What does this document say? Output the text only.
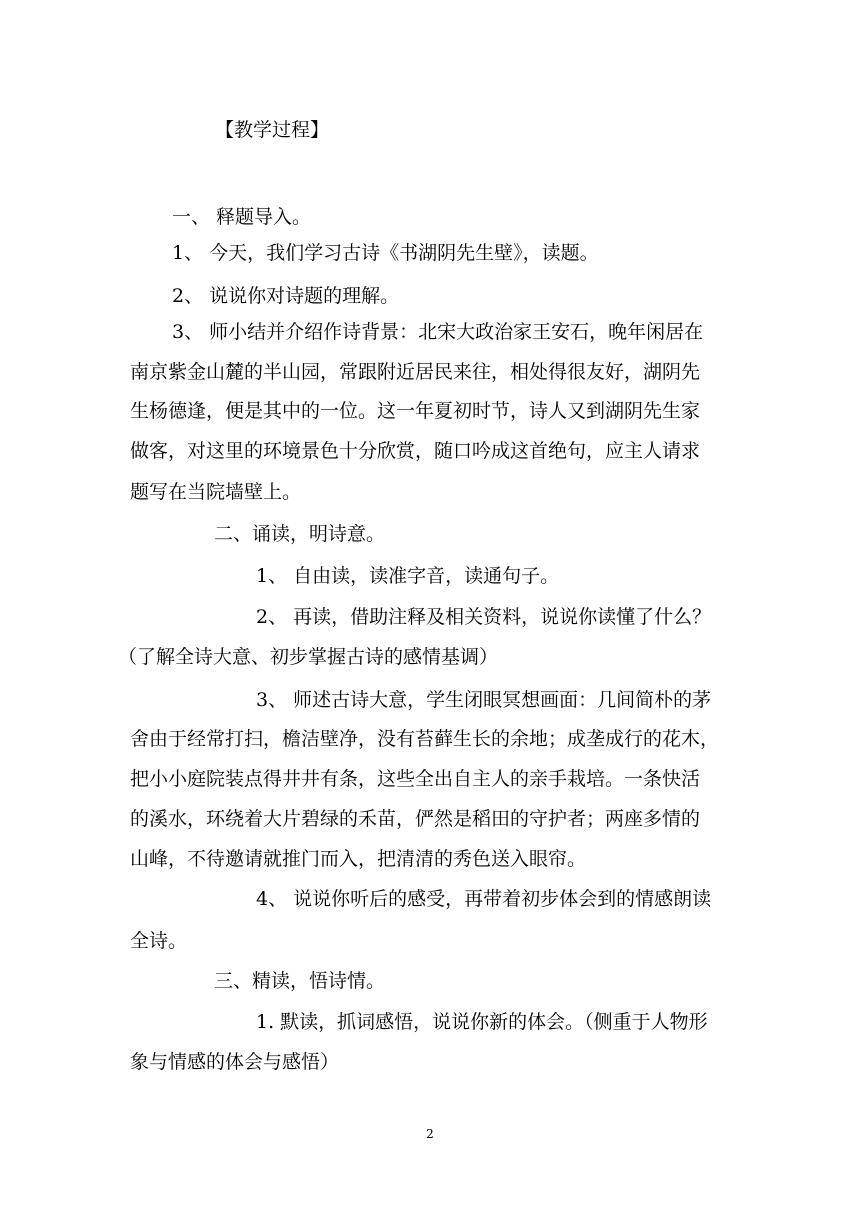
【教学过程】
一、 释题导入。
1、 今天，我们学习古诗《书湖阴先生壁》，读题。
2、 说说你对诗题的理解。
3、 师小结并介绍作诗背景：北宋大政治家王安石，晚年闲居在
南京紫金山麓的半山园，常跟附近居民来往，相处得很友好，湖阴先
生杨德逢，便是其中的一位。这一年夏初时节，诗人又到湖阴先生家
做客，对这里的环境景色十分欣赏，随口吟成这首绝句，应主人请求
题写在当院墙壁上。
二、诵读，明诗意。
1、 自由读，读准字音，读通句子。
2、 再读，借助注释及相关资料，说说你读懂了什么？
（了解全诗大意、初步掌握古诗的感情基调）
3、 师述古诗大意，学生闭眼冥想画面：几间简朴的茅
舍由于经常打扫，檐洁壁净，没有苔藓生长的余地；成垄成行的花木，
把小小庭院装点得井井有条，这些全出自主人的亲手栽培。一条快活
的溪水，环绕着大片碧绿的禾苗，俨然是稻田的守护者；两座多情的
山峰，不待邀请就推门而入，把清清的秀色送入眼帘。
4、 说说你听后的感受，再带着初步体会到的情感朗读
全诗。
三、精读，悟诗情。
1. 默读，抓词感悟，说说你新的体会。（侧重于人物形
象与情感的体会与感悟）
2
